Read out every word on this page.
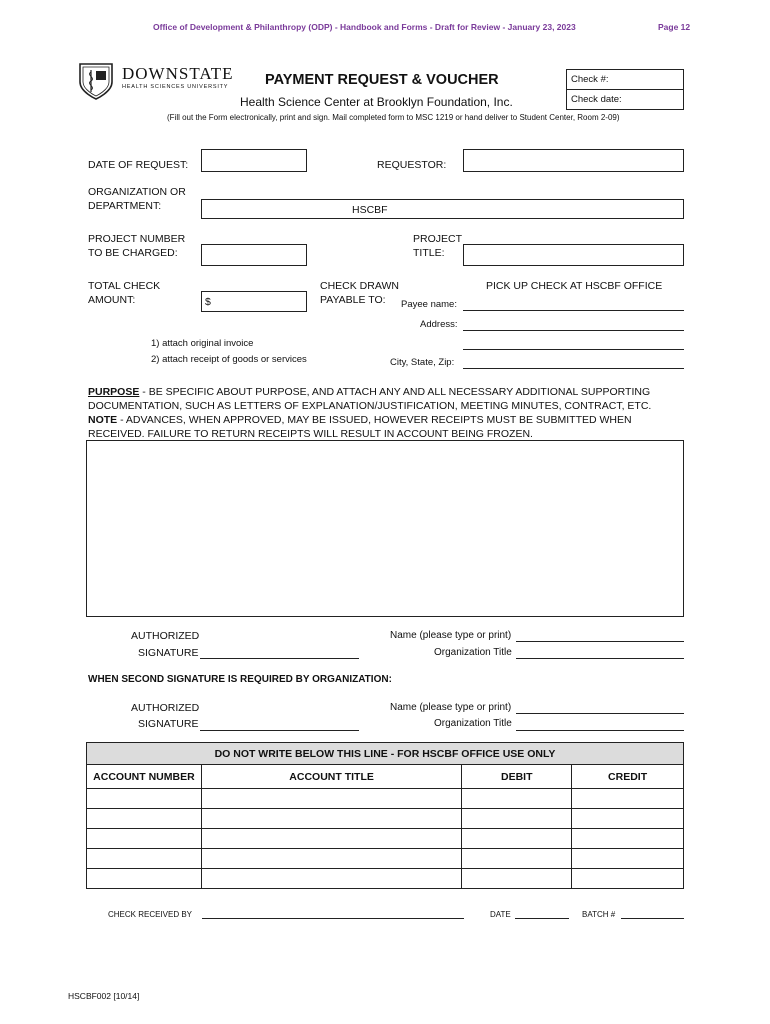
Office of Development & Philanthropy (ODP) - Handbook and Forms - Draft for Review - January 23, 2023	Page 12
DOWNSTATE
HEALTH SCIENCES UNIVERSITY	PAYMENT REQUEST & VOUCHER
Health Science Center at Brooklyn Foundation, Inc.
Check #:
Check date:
(Fill out the Form electronically, print and sign. Mail completed form to MSC 1219 or hand deliver to Student Center, Room 2-09)
DATE OF REQUEST:	REQUESTOR:
ORGANIZATION OR
DEPARTMENT:	HSCBF
PROJECT NUMBER
TO BE CHARGED:
PROJECT
TITLE:
TOTAL CHECK
AMOUNT:	$
CHECK DRAWN
PAYABLE TO:
PICK UP CHECK AT HSCBF OFFICE
Payee name:
Address:
1) attach original invoice
2) attach receipt of goods or services	City, State, Zip:
PURPOSE - BE SPECIFIC ABOUT PURPOSE, AND ATTACH ANY AND ALL NECESSARY ADDITIONAL SUPPORTING
DOCUMENTATION, SUCH AS LETTERS OF EXPLANATION/JUSTIFICATION, MEETING MINUTES, CONTRACT, ETC.
NOTE - ADVANCES, WHEN APPROVED, MAY BE ISSUED, HOWEVER RECEIPTS MUST BE SUBMITTED WHEN
RECEIVED. FAILURE TO RETURN RECEIPTS WILL RESULT IN ACCOUNT BEING FROZEN.
AUTHORIZED
SIGNATURE
Name (please type or print)
Organization Title
WHEN SECOND SIGNATURE IS REQUIRED BY ORGANIZATION:
AUTHORIZED
SIGNATURE
Name (please type or print)
Organization Title
DO NOT WRITE BELOW THIS LINE - FOR HSCBF OFFICE USE ONLY			
ACCOUNT NUMBER	ACCOUNT TITLE	DEBIT	CREDIT

CHECK RECEIVED BY	DATE	BATCH #
HSCBF002 [10/14]
